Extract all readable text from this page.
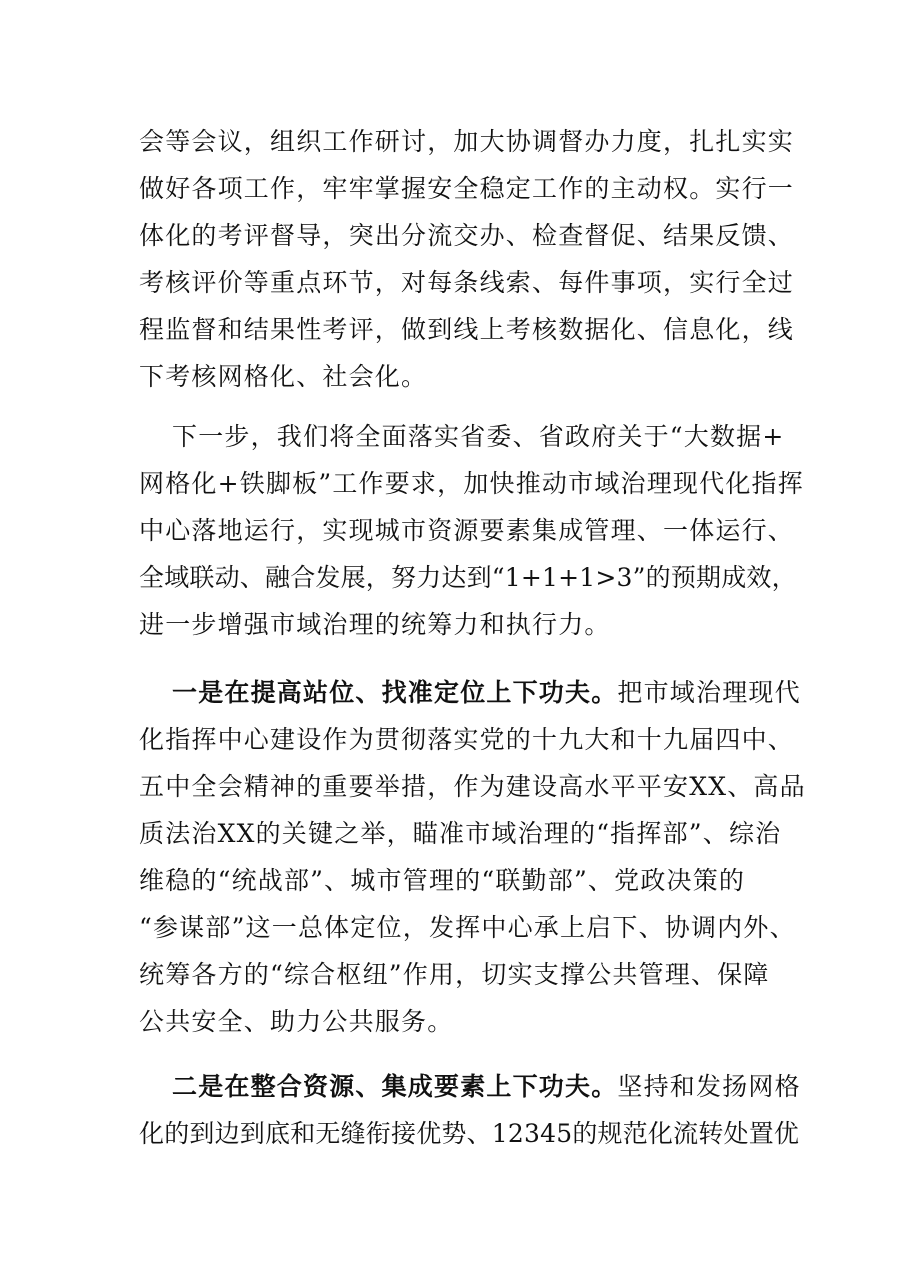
会等会议，组织工作研讨，加大协调督办力度，扎扎实实
做好各项工作，牢牢掌握安全稳定工作的主动权。实行一
体化的考评督导，突出分流交办、检查督促、结果反馈、
考核评价等重点环节，对每条线索、每件事项，实行全过
程监督和结果性考评，做到线上考核数据化、信息化，线
下考核网格化、社会化。
下一步，我们将全面落实省委、省政府关于“大数据+
网格化+铁脚板”工作要求，加快推动市域治理现代化指挥
中心落地运行，实现城市资源要素集成管理、一体运行、
全域联动、融合发展，努力达到“1+1+1>3”的预期成效，
进一步增强市域治理的统筹力和执行力。
一是在提高站位、找准定位上下功夫。把市域治理现代
化指挥中心建设作为贯彻落实党的十九大和十九届四中、
五中全会精神的重要举措，作为建设高水平平安XX、高品
质法治XX的关键之举，瞄准市域治理的“指挥部”、综治
维稳的“统战部”、城市管理的“联勤部”、党政决策的
“参谋部”这一总体定位，发挥中心承上启下、协调内外、
统筹各方的“综合枢纽”作用，切实支撑公共管理、保障
公共安全、助力公共服务。
二是在整合资源、集成要素上下功夫。坚持和发扬网格
化的到边到底和无缝衔接优势、12345的规范化流转处置优
